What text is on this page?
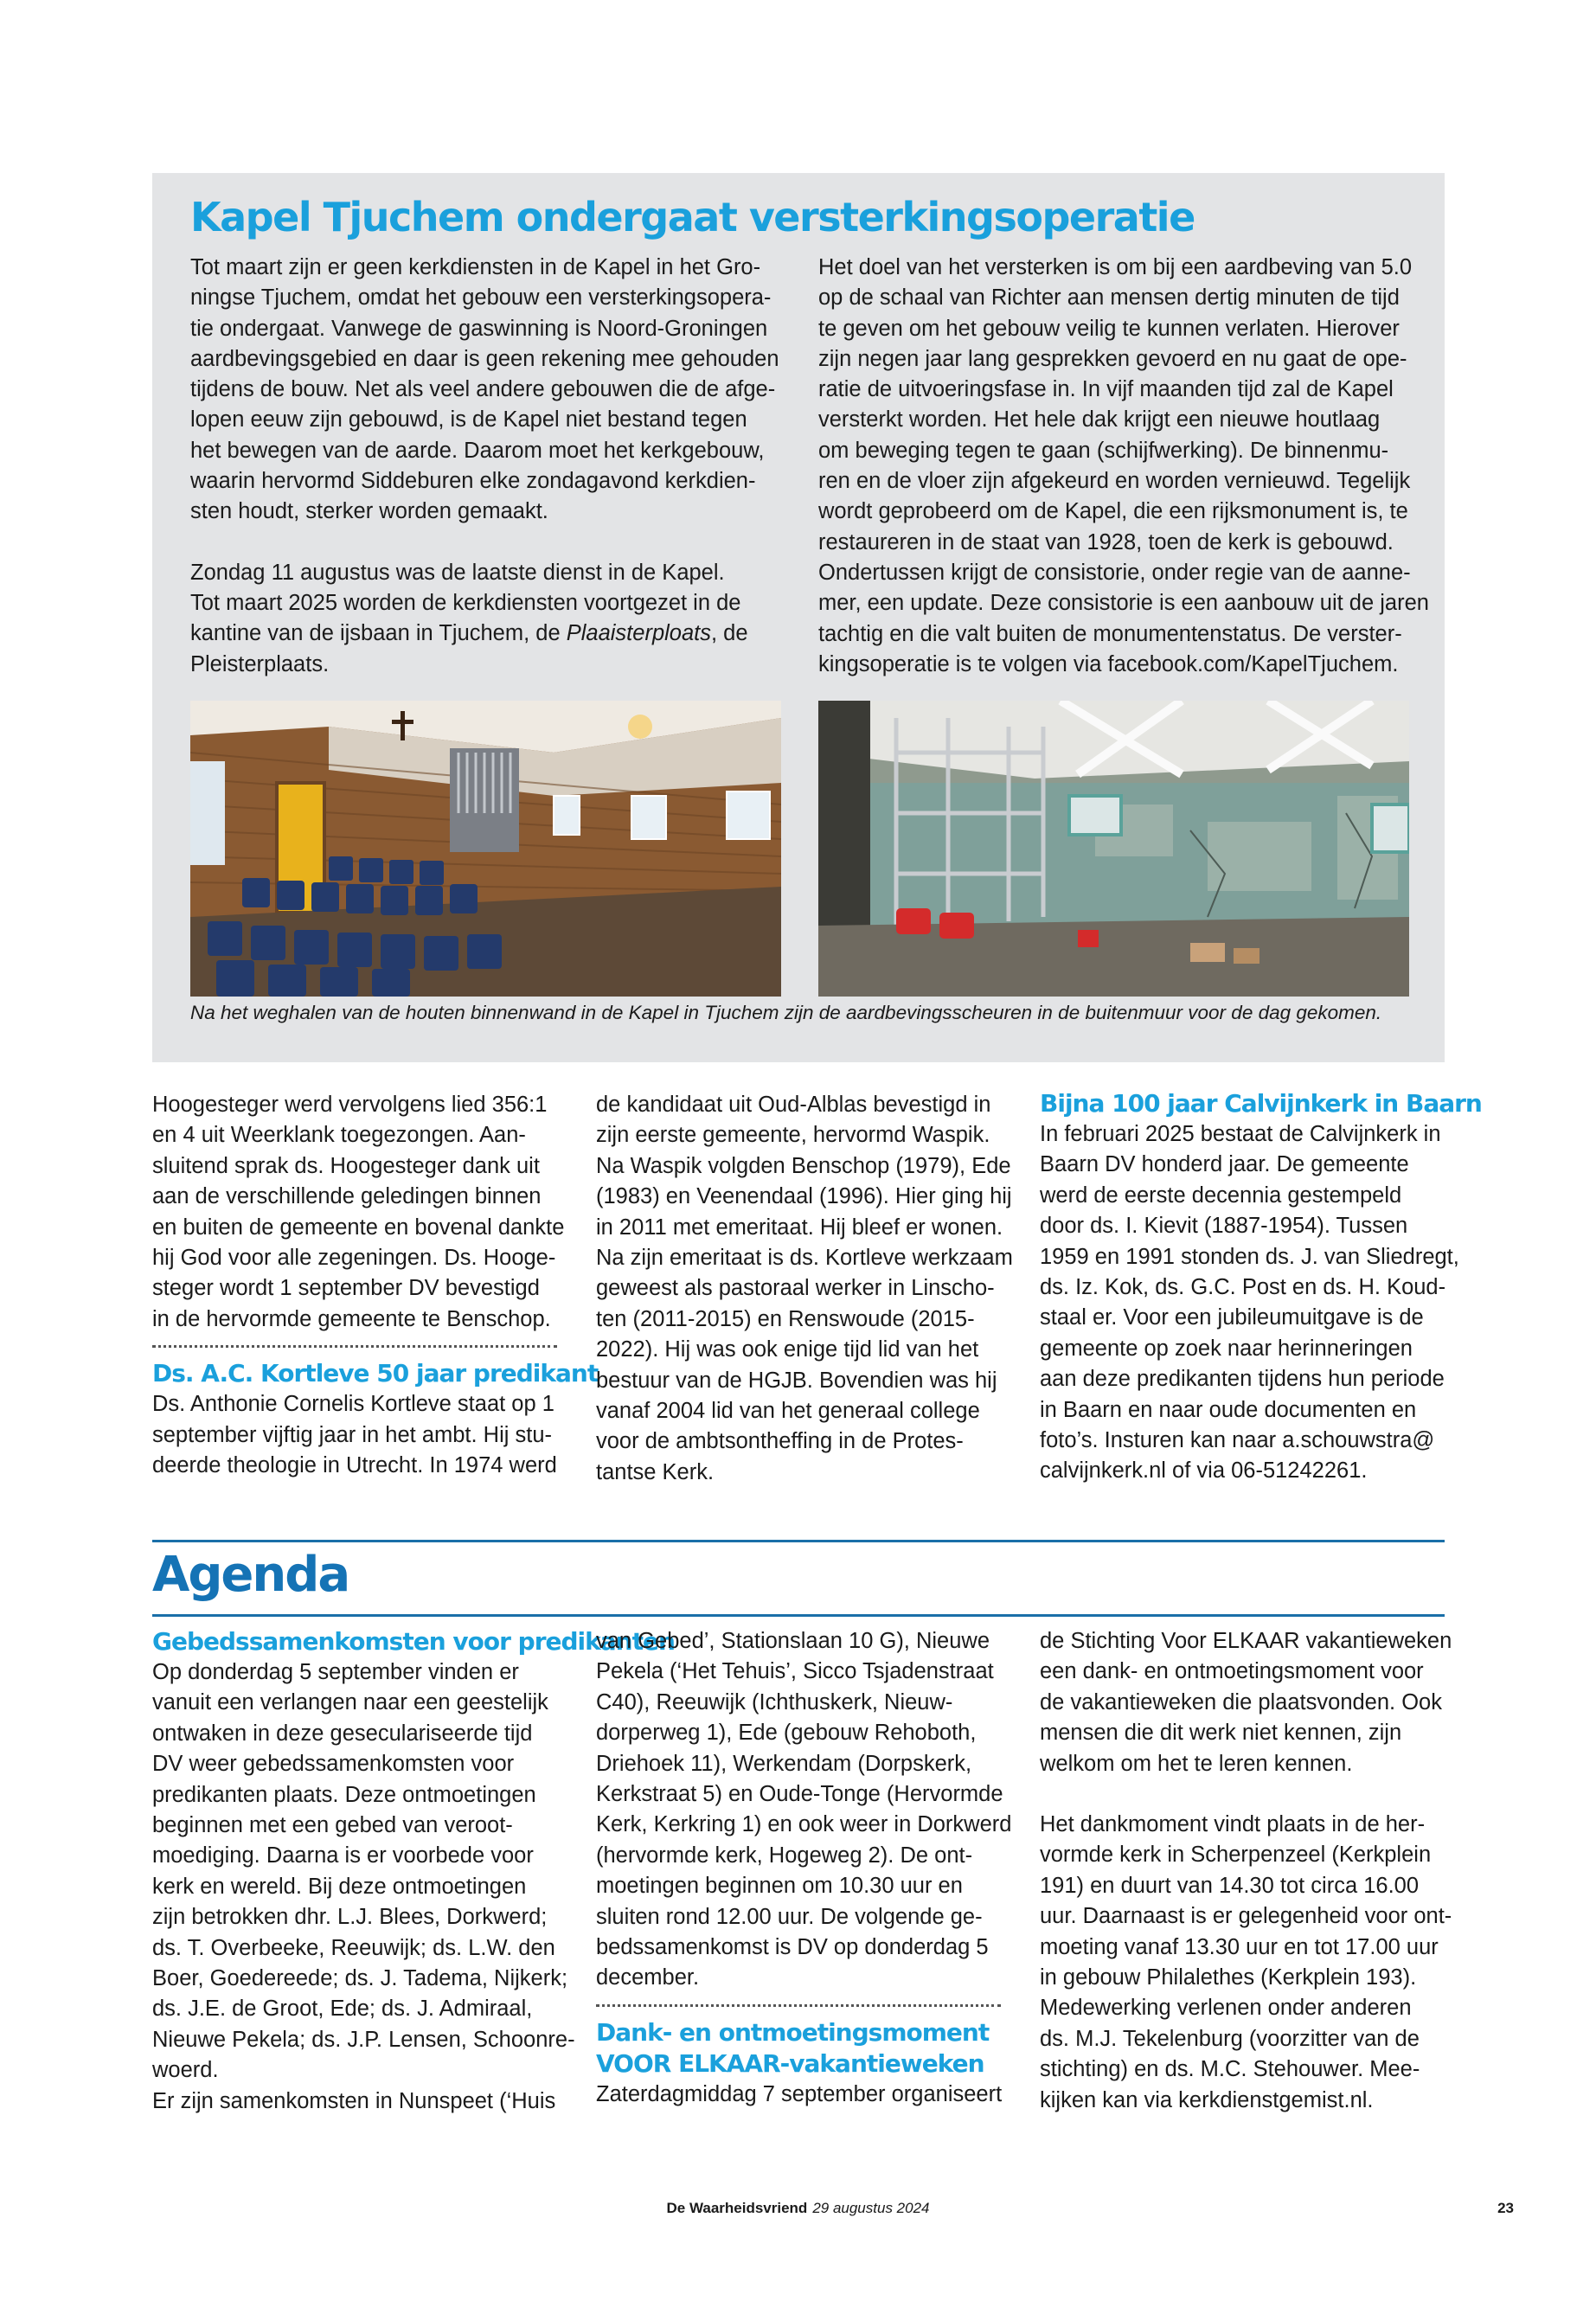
Kapel Tjuchem ondergaat versterkingsoperatie

Tot maart zijn er geen kerkdiensten in de Kapel in het Gro-

ningse Tjuchem, omdat het gebouw een versterkingsopera-

tie ondergaat. Vanwege de gaswinning is Noord-Groningen

aardbevingsgebied en daar is geen rekening mee gehouden

tijdens de bouw. Net als veel andere gebouwen die de afge-

lopen eeuw zijn gebouwd, is de Kapel niet bestand tegen

het bewegen van de aarde. Daarom moet het kerkgebouw,

waarin hervormd Siddeburen elke zondagavond kerkdien-

sten houdt, sterker worden gemaakt.

Zondag 11 augustus was de laatste dienst in de Kapel.

Tot maart 2025 worden de kerkdiensten voortgezet in de

kantine van de ijsbaan in Tjuchem, de Plaaisterploats, de

Pleisterplaats.

Het doel van het versterken is om bij een aardbeving van 5.0

op de schaal van Richter aan mensen dertig minuten de tijd

te geven om het gebouw veilig te kunnen verlaten. Hierover

zijn negen jaar lang gesprekken gevoerd en nu gaat de ope-

ratie de uitvoeringsfase in. In vijf maanden tijd zal de Kapel

versterkt worden. Het hele dak krijgt een nieuwe houtlaag

om beweging tegen te gaan (schijfwerking). De binnenmu-

ren en de vloer zijn afgekeurd en worden vernieuwd. Tegelijk

wordt geprobeerd om de Kapel, die een rijksmonument is, te

restaureren in de staat van 1928, toen de kerk is gebouwd.

Ondertussen krijgt de consistorie, onder regie van de aanne-

mer, een update. Deze consistorie is een aanbouw uit de jaren

tachtig en die valt buiten de monumentenstatus. De verster-

kingsoperatie is te volgen via facebook.com/KapelTjuchem.

Na het weghalen van de houten binnenwand in de Kapel in Tjuchem zijn de aardbevingsscheuren in de buitenmuur voor de dag gekomen.

Hoogesteger werd vervolgens lied 356:1

en 4 uit Weerklank toegezongen. Aan-

sluitend sprak ds. Hoogesteger dank uit

aan de verschillende geledingen binnen

en buiten de gemeente en bovenal dankte

hij God voor alle zegeningen. Ds. Hooge-

steger wordt 1 september DV bevestigd

in de hervormde gemeente te Benschop.

Ds. A.C. Kortleve 50 jaar predikant

Ds. Anthonie Cornelis Kortleve staat op 1

september vijftig jaar in het ambt. Hij stu-

deerde theologie in Utrecht. In 1974 werd

de kandidaat uit Oud-Alblas bevestigd in

zijn eerste gemeente, hervormd Waspik.

Na Waspik volgden Benschop (1979), Ede

(1983) en Veenendaal (1996). Hier ging hij

in 2011 met emeritaat. Hij bleef er wonen.

Na zijn emeritaat is ds. Kortleve werkzaam

geweest als pastoraal werker in Linscho-

ten (2011-2015) en Renswoude (2015-

2022). Hij was ook enige tijd lid van het

bestuur van de HGJB. Bovendien was hij

vanaf 2004 lid van het generaal college

voor de ambtsontheffing in de Protes-

tantse Kerk.

Bijna 100 jaar Calvijnkerk in Baarn

In februari 2025 bestaat de Calvijnkerk in

Baarn DV honderd jaar. De gemeente

werd de eerste decennia gestempeld

door ds. I. Kievit (1887-1954). Tussen

1959 en 1991 stonden ds. J. van Sliedregt,

ds. Iz. Kok, ds. G.C. Post en ds. H. Koud-

staal er. Voor een jubileumuitgave is de

gemeente op zoek naar herinneringen

aan deze predikanten tijdens hun periode

in Baarn en naar oude documenten en

foto’s. Insturen kan naar a.schouwstra@

calvijnkerk.nl of via 06-51242261.

Agenda
Gebedssamenkomsten voor predikanten

Op donderdag 5 september vinden er

vanuit een verlangen naar een geestelijk

ontwaken in deze geseculariseerde tijd

DV weer gebedssamenkomsten voor

predikanten plaats. Deze ontmoetingen

beginnen met een gebed van veroot-

moediging. Daarna is er voorbede voor

kerk en wereld. Bij deze ontmoetingen

zijn betrokken dhr. L.J. Blees, Dorkwerd;

ds. T. Overbeeke, Reeuwijk; ds. L.W. den

Boer, Goedereede; ds. J. Tadema, Nijkerk;

ds. J.E. de Groot, Ede; ds. J. Admiraal,

Nieuwe Pekela; ds. J.P. Lensen, Schoonre-

woerd.

Er zijn samenkomsten in Nunspeet (‘Huis

van Gebed’, Stationslaan 10 G), Nieuwe

Pekela (‘Het Tehuis’, Sicco Tsjadenstraat

C40), Reeuwijk (Ichthuskerk, Nieuw-

dorperweg 1), Ede (gebouw Rehoboth,

Driehoek 11), Werkendam (Dorpskerk,

Kerkstraat 5) en Oude-Tonge (Hervormde

Kerk, Kerkring 1) en ook weer in Dorkwerd

(hervormde kerk, Hogeweg 2). De ont-

moetingen beginnen om 10.30 uur en

sluiten rond 12.00 uur. De volgende ge-

bedssamenkomst is DV op donderdag 5

december.

Dank- en ontmoetingsmoment
VOOR ELKAAR-vakantieweken

Zaterdagmiddag 7 september organiseert

de Stichting Voor ELKAAR vakantieweken

een dank- en ontmoetingsmoment voor

de vakantieweken die plaatsvonden. Ook

mensen die dit werk niet kennen, zijn

welkom om het te leren kennen.

Het dankmoment vindt plaats in de her-

vormde kerk in Scherpenzeel (Kerkplein

191) en duurt van 14.30 tot circa 16.00

uur. Daarnaast is er gelegenheid voor ont-

moeting vanaf 13.30 uur en tot 17.00 uur

in gebouw Philalethes (Kerkplein 193).

Medewerking verlenen onder anderen

ds. M.J. Tekelenburg (voorzitter van de

stichting) en ds. M.C. Stehouwer. Mee-

kijken kan via kerkdienstgemist.nl.

De Waarheidsvriend 29 augustus 2024	23
